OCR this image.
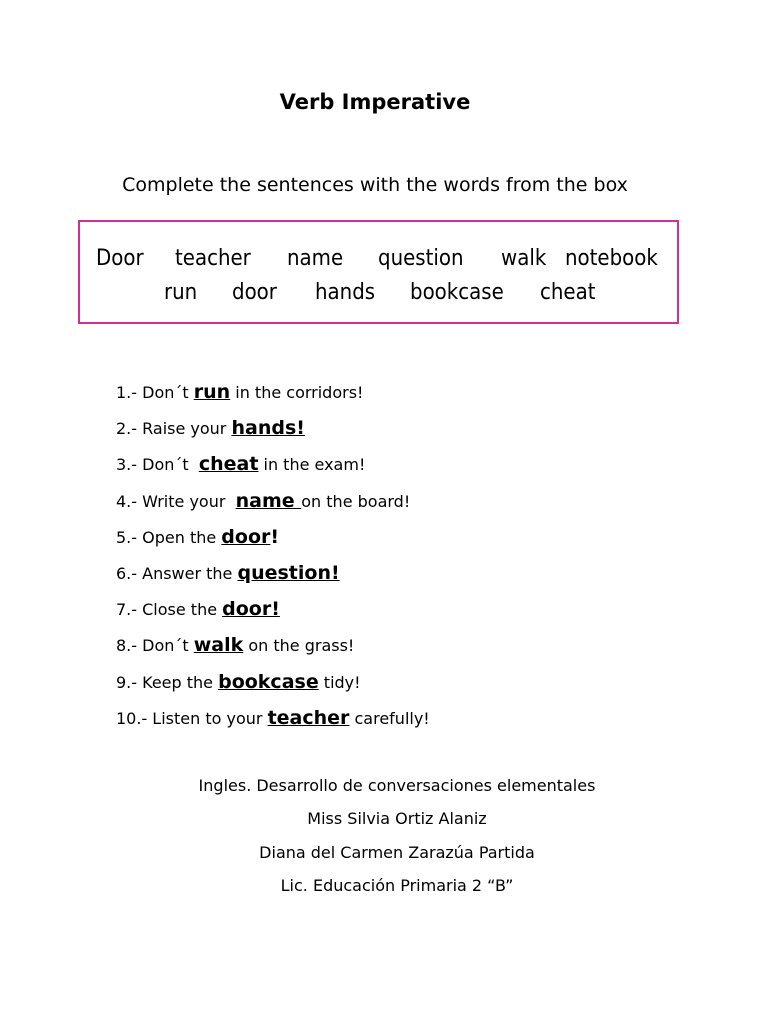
Verb Imperative
Complete the sentences with the words from the box
Door teacher name question walk notebook
run door hands bookcase cheat
1.- Don´t run in the corridors!
2.- Raise your hands!
3.- Don´t  cheat in the exam!
4.- Write your  name on the board!
5.- Open the door!
6.- Answer the question!
7.- Close the door!
8.- Don´t walk on the grass!
9.- Keep the bookcase tidy!
10.- Listen to your teacher carefully!
Ingles. Desarrollo de conversaciones elementales
Miss Silvia Ortiz Alaniz
Diana del Carmen Zarazúa Partida
Lic. Educación Primaria 2 “B”
